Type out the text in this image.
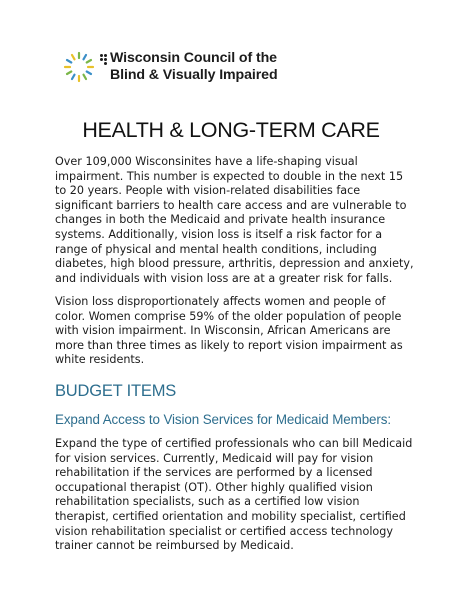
Wisconsin Council of the
Blind & Visually Impaired
HEALTH & LONG-TERM CARE

Over 109,000 Wisconsinites have a life-shaping visual impairment. This number is expected to double in the next 15 to 20 years. People with vision-related disabilities face significant barriers to health care access and are vulnerable to changes in both the Medicaid and private health insurance systems. Additionally, vision loss is itself a risk factor for a range of physical and mental health conditions, including diabetes, high blood pressure, arthritis, depression and anxiety, and individuals with vision loss are at a greater risk for falls.

Vision loss disproportionately affects women and people of color. Women comprise 59% of the older population of people with vision impairment. In Wisconsin, African Americans are more than three times as likely to report vision impairment as white residents.

BUDGET ITEMS
Expand Access to Vision Services for Medicaid Members:

Expand the type of certified professionals who can bill Medicaid for vision services. Currently, Medicaid will pay for vision rehabilitation if the services are performed by a licensed occupational therapist (OT). Other highly qualified vision rehabilitation specialists, such as a certified low vision therapist, certified orientation and mobility specialist, certified vision rehabilitation specialist or certified access technology trainer cannot be reimbursed by Medicaid.
